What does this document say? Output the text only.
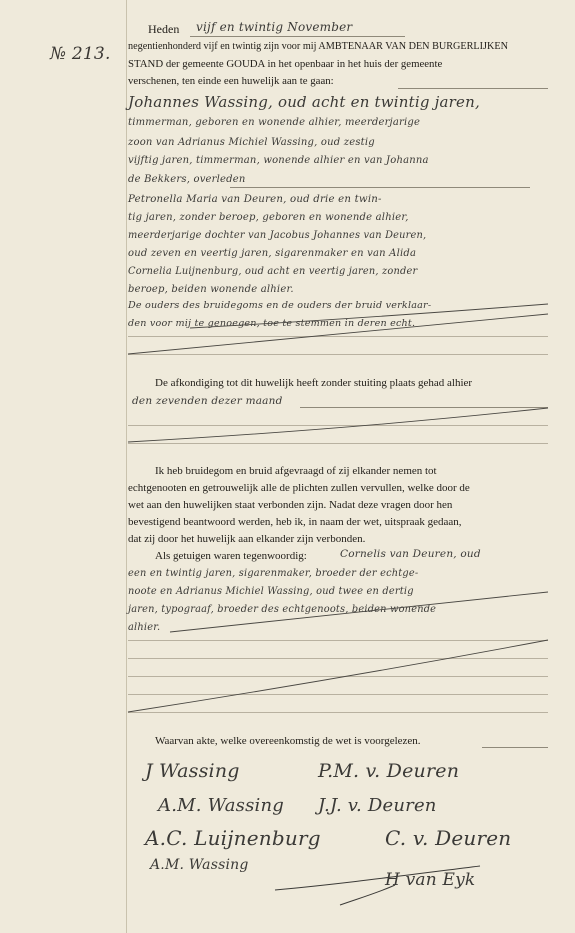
№ 213.
Heden vijf en twintig November
negentienhonderd vijf en twintig zijn voor mij AMBTENAAR VAN DEN BURGERLIJKEN
STAND der gemeente GOUDA in het openbaar in het huis der gemeente
verschenen, ten einde een huwelijk aan te gaan:
Johannes Wassing, oud acht en twintig jaren,
timmerman, geboren en wonende alhier, meerderjarige
zoon van Adrianus Michiel Wassing, oud zestig
vijftig jaren, timmerman, wonende alhier en van Johanna
de Bekkers, overleden
Petronella Maria van Deuren, oud drie en twin-
tig jaren, zonder beroep, geboren en wonende alhier,
meerderjarige dochter van Jacobus Johannes van Deuren,
oud zeven en veertig jaren, sigarenmaker en van Alida
Cornelia Luijnenburg, oud acht en veertig jaren, zonder
beroep, beiden wonende alhier.
De ouders des bruidegoms en de ouders der bruid verklaar-
den voor mij te genoegen, toe te stemmen in deren echt.
De afkondiging tot dit huwelijk heeft zonder stuiting plaats gehad alhier
den zevenden dezer maand
Ik heb bruidegom en bruid afgevraagd of zij elkander nemen tot
echtgenooten en getrouwelijk alle de plichten zullen vervullen, welke door de
wet aan den huwelijken staat verbonden zijn. Nadat deze vragen door hen
bevestigend beantwoord werden, heb ik, in naam der wet, uitspraak gedaan,
dat zij door het huwelijk aan elkander zijn verbonden.
Als getuigen waren tegenwoordig:	Cornelis van Deuren, oud
een en twintig jaren, sigarenmaker, broeder der echtge-
noote en Adrianus Michiel Wassing, oud twee en dertig
jaren, typograaf, broeder des echtgenoots, beiden wonende
alhier.
Waarvan akte, welke overeenkomstig de wet is voorgelezen.
J Wassing	P.M. v. Deuren
A.M. Wassing J.J. v. Deuren
A.C. Luijnenburg	C. v. Deuren
A.M. Wassing
H van Eyk
